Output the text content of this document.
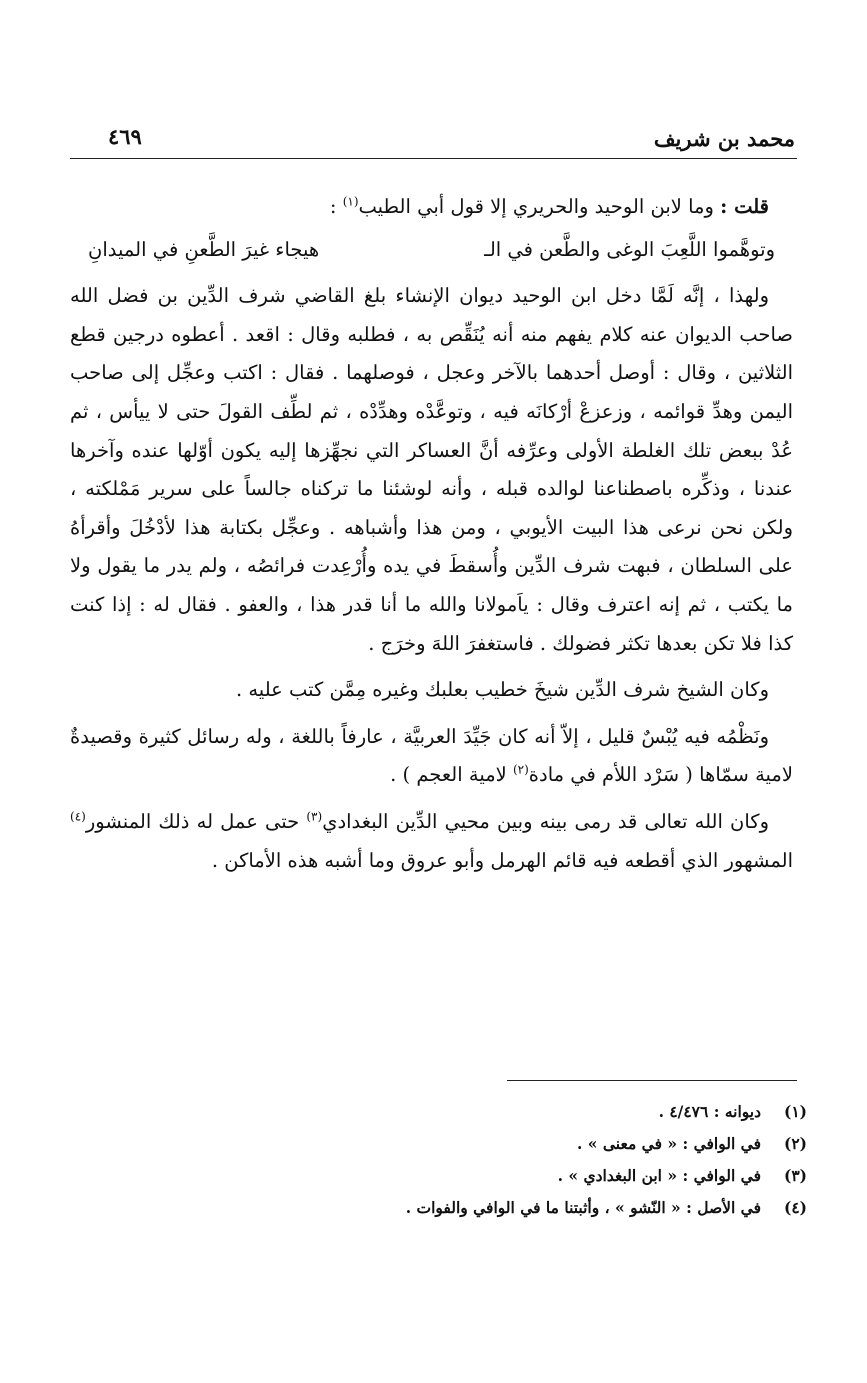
محمد بن شريف
٤٦٩

قلت : وما لابن الوحيد والحريري إلا قول أبي الطيب$^{(١)}$ :

وتوهَّموا اللَّعِبَ الوغى والطَّعن في الـ
هيجاء غيرَ الطَّعنِ في الميدانِ

ولهذا ، إنَّه لَمَّا دخل ابن الوحيد ديوان الإنشاء بلغ القاضي شرف الدِّين بن فضل الله صاحب الديوان عنه كلام يفهم منه أنه يُنَقِّص به ، فطلبه وقال : اقعد . أعطوه درجين قطع الثلاثين ، وقال : أوصل أحدهما بالآخر وعجل ، فوصلهما . فقال : اكتب وعجِّل إلى صاحب اليمن وهدِّ قوائمه ، وزعزعْ أرْكانَه فيه ، وتوعَّدْه وهدِّدْه ، ثم لطِّف القولَ حتى لا ييأس ، ثم عُدْ ببعض تلك الغلطة الأولى وعرِّفه أنَّ العساكر التي نجهِّزها إليه يكون أوّلها عنده وآخرها عندنا ، وذكِّره باصطناعنا لوالده قبله ، وأنه لوشئنا ما تركناه جالساً على سرير مَمْلكته ، ولكن نحن نرعى هذا البيت الأيوبي ، ومن هذا وأشباهه . وعجِّل بكتابة هذا لأدْخُلَ وأقرأهُ على السلطان ، فبهت شرف الدِّين وأُسقطَ في يده وأُرْعِدت فرائصُه ، ولم يدر ما يقول ولا ما يكتب ، ثم إنه اعترف وقال : ياَمولانا والله ما أنا قدر هذا ، والعفو . فقال له : إذا كنت كذا فلا تكن بعدها تكثر فضولك . فاستغفرَ اللهَ وخرَج .

وكان الشيخ شرف الدِّين شيخَ خطيب بعلبك وغيره مِمَّن كتب عليه .

ونَظْمُه فيه يُبْسٌ قليل ، إلاّ أنه كان جَيِّدَ العربيَّة ، عارفاً باللغة ، وله رسائل كثيرة وقصيدةٌ لامية سمّاها ( سَرْد اللأم في مادة$^{(٢)}$ لامية العجم ) .

وكان الله تعالى قد رمى بينه وبين محيي الدِّين البغدادي$^{(٣)}$ حتى عمل له ذلك المنشور$^{(٤)}$ المشهور الذي أقطعه فيه قائم الهرمل وأبو عروق وما أشبه هذه الأماكن .

(١)
ديوانه : ٤/٤٧٦ .
(٢)
في الوافي : « في معنى » .
(٣)
في الوافي : « ابن البغدادي » .
(٤)
في الأصل : « النّشو » ، وأثبتنا ما في الوافي والفوات .
